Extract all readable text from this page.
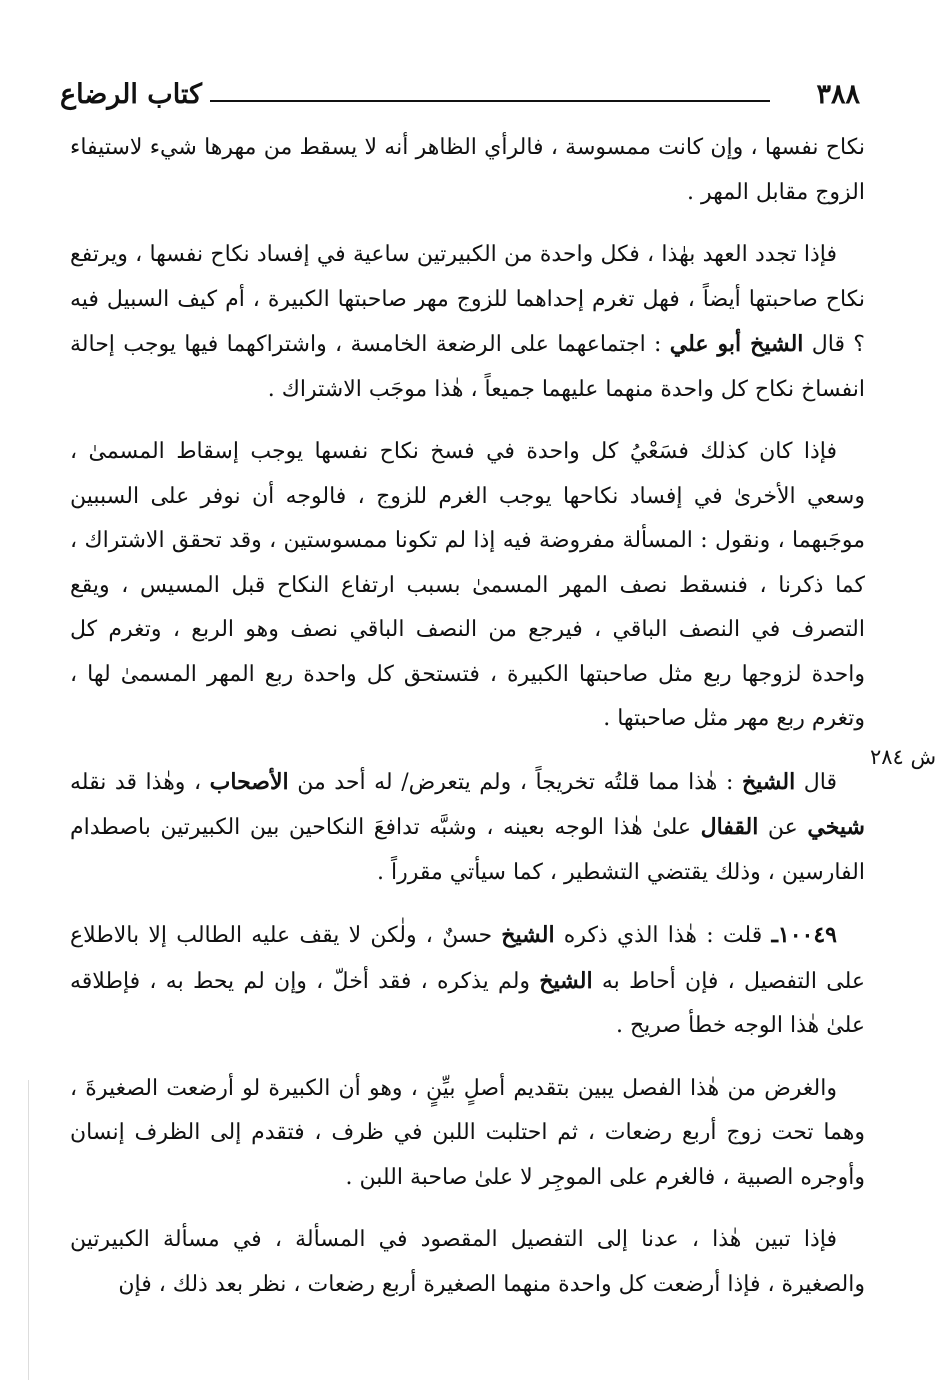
٣٨٨
كتاب الرضاع
ش ٢٨٤

نكاح نفسها ، وإن كانت ممسوسة ، فالرأي الظاهر أنه لا يسقط من مهرها شيء لاستيفاء الزوج مقابل المهر .

فإذا تجدد العهد بهٰذا ، فكل واحدة من الكبيرتين ساعية في إفساد نكاح نفسها ، ويرتفع نكاح صاحبتها أيضاً ، فهل تغرم إحداهما للزوج مهر صاحبتها الكبيرة ، أم كيف السبيل فيه ؟ قال الشيخ أبو علي : اجتماعهما على الرضعة الخامسة ، واشتراكهما فيها يوجب إحالة انفساخ نكاح كل واحدة منهما عليهما جميعاً ، هٰذا موجَب الاشتراك .

فإذا كان كذلك فسَعْيُ كل واحدة في فسخ نكاح نفسها يوجب إسقاط المسمىٰ ، وسعي الأخرىٰ في إفساد نكاحها يوجب الغرم للزوج ، فالوجه أن نوفر على السببين موجَبهما ، ونقول : المسألة مفروضة فيه إذا لم تكونا ممسوستين ، وقد تحقق الاشتراك ، كما ذكرنا ، فنسقط نصف المهر المسمىٰ بسبب ارتفاع النكاح قبل المسيس ، ويقع التصرف في النصف الباقي ، فيرجع من النصف الباقي نصف وهو الربع ، وتغرم كل واحدة لزوجها ربع مثل صاحبتها الكبيرة ، فتستحق كل واحدة ربع المهر المسمىٰ لها ، وتغرم ربع مهر مثل صاحبتها .

قال الشيخ : هٰذا مما قلتُه تخريجاً ، ولم يتعرض/ له أحد من الأصحاب ، وهٰذا قد نقله شيخي عن القفال علىٰ هٰذا الوجه بعينه ، وشبَّه تدافعَ النكاحين بين الكبيرتين باصطدام الفارسين ، وذلك يقتضي التشطير ، كما سيأتي مقرراً .

١٠٠٤٩ـ قلت : هٰذا الذي ذكره الشيخ حسنٌ ، ولٰكن لا يقف عليه الطالب إلا بالاطلاع على التفصيل ، فإن أحاط به الشيخ ولم يذكره ، فقد أخلّ ، وإن لم يحط به ، فإطلاقه علىٰ هٰذا الوجه خطأ صريح .

والغرض من هٰذا الفصل يبين بتقديم أصلٍ بيِّنٍ ، وهو أن الكبيرة لو أرضعت الصغيرةَ ، وهما تحت زوج أربع رضعات ، ثم احتلبت اللبن في ظرف ، فتقدم إلى الظرف إنسان وأوجره الصبية ، فالغرم على الموجِر لا علىٰ صاحبة اللبن .

فإذا تبين هٰذا ، عدنا إلى التفصيل المقصود في المسألة ، في مسألة الكبيرتين والصغيرة ، فإذا أرضعت كل واحدة منهما الصغيرة أربع رضعات ، نظر بعد ذلك ، فإن
